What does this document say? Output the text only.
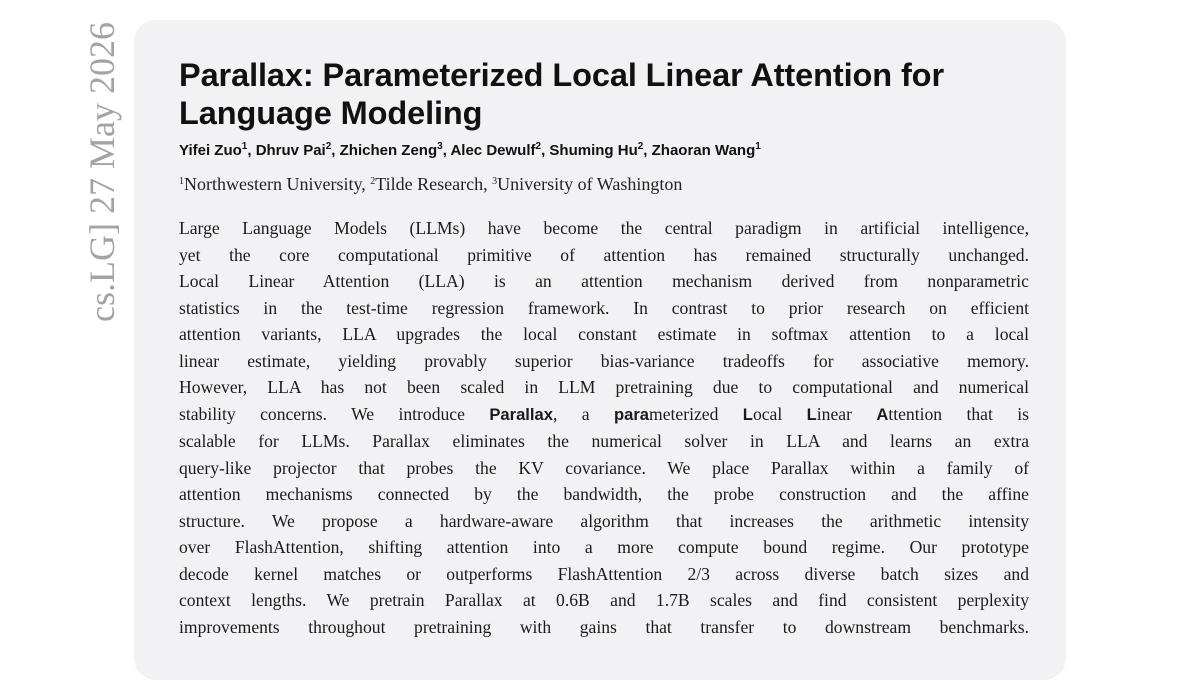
cs.LG] 27 May 2026 Parallax: Parameterized Local Linear Attention for
Language Modeling
Yifei Zuo$^1$, Dhruv Pai$^2$, Zhichen Zeng$^3$, Alec Dewulf$^2$, Shuming Hu$^2$, Zhaoran Wang$^1$
$^1$Northwestern University, $^2$Tilde Research, $^3$University of Washington
Large Language Models (LLMs) have become the central paradigm in artificial intelligence,
yet the core computational primitive of attention has remained structurally unchanged.
Local Linear Attention (LLA) is an attention mechanism derived from nonparametric
statistics in the test-time regression framework. In contrast to prior research on efficient
attention variants, LLA upgrades the local constant estimate in softmax attention to a local
linear estimate, yielding provably superior bias-variance tradeoffs for associative memory.
However, LLA has not been scaled in LLM pretraining due to computational and numerical
stability concerns. We introduce Parallax, a parameterized Local Linear Attention that is
scalable for LLMs. Parallax eliminates the numerical solver in LLA and learns an extra
query-like projector that probes the KV covariance. We place Parallax within a family of
attention mechanisms connected by the bandwidth, the probe construction and the affine
structure. We propose a hardware-aware algorithm that increases the arithmetic intensity
over FlashAttention, shifting attention into a more compute bound regime. Our prototype
decode kernel matches or outperforms FlashAttention 2/3 across diverse batch sizes and
context lengths. We pretrain Parallax at 0.6B and 1.7B scales and find consistent perplexity
improvements throughout pretraining with gains that transfer to downstream benchmarks.
